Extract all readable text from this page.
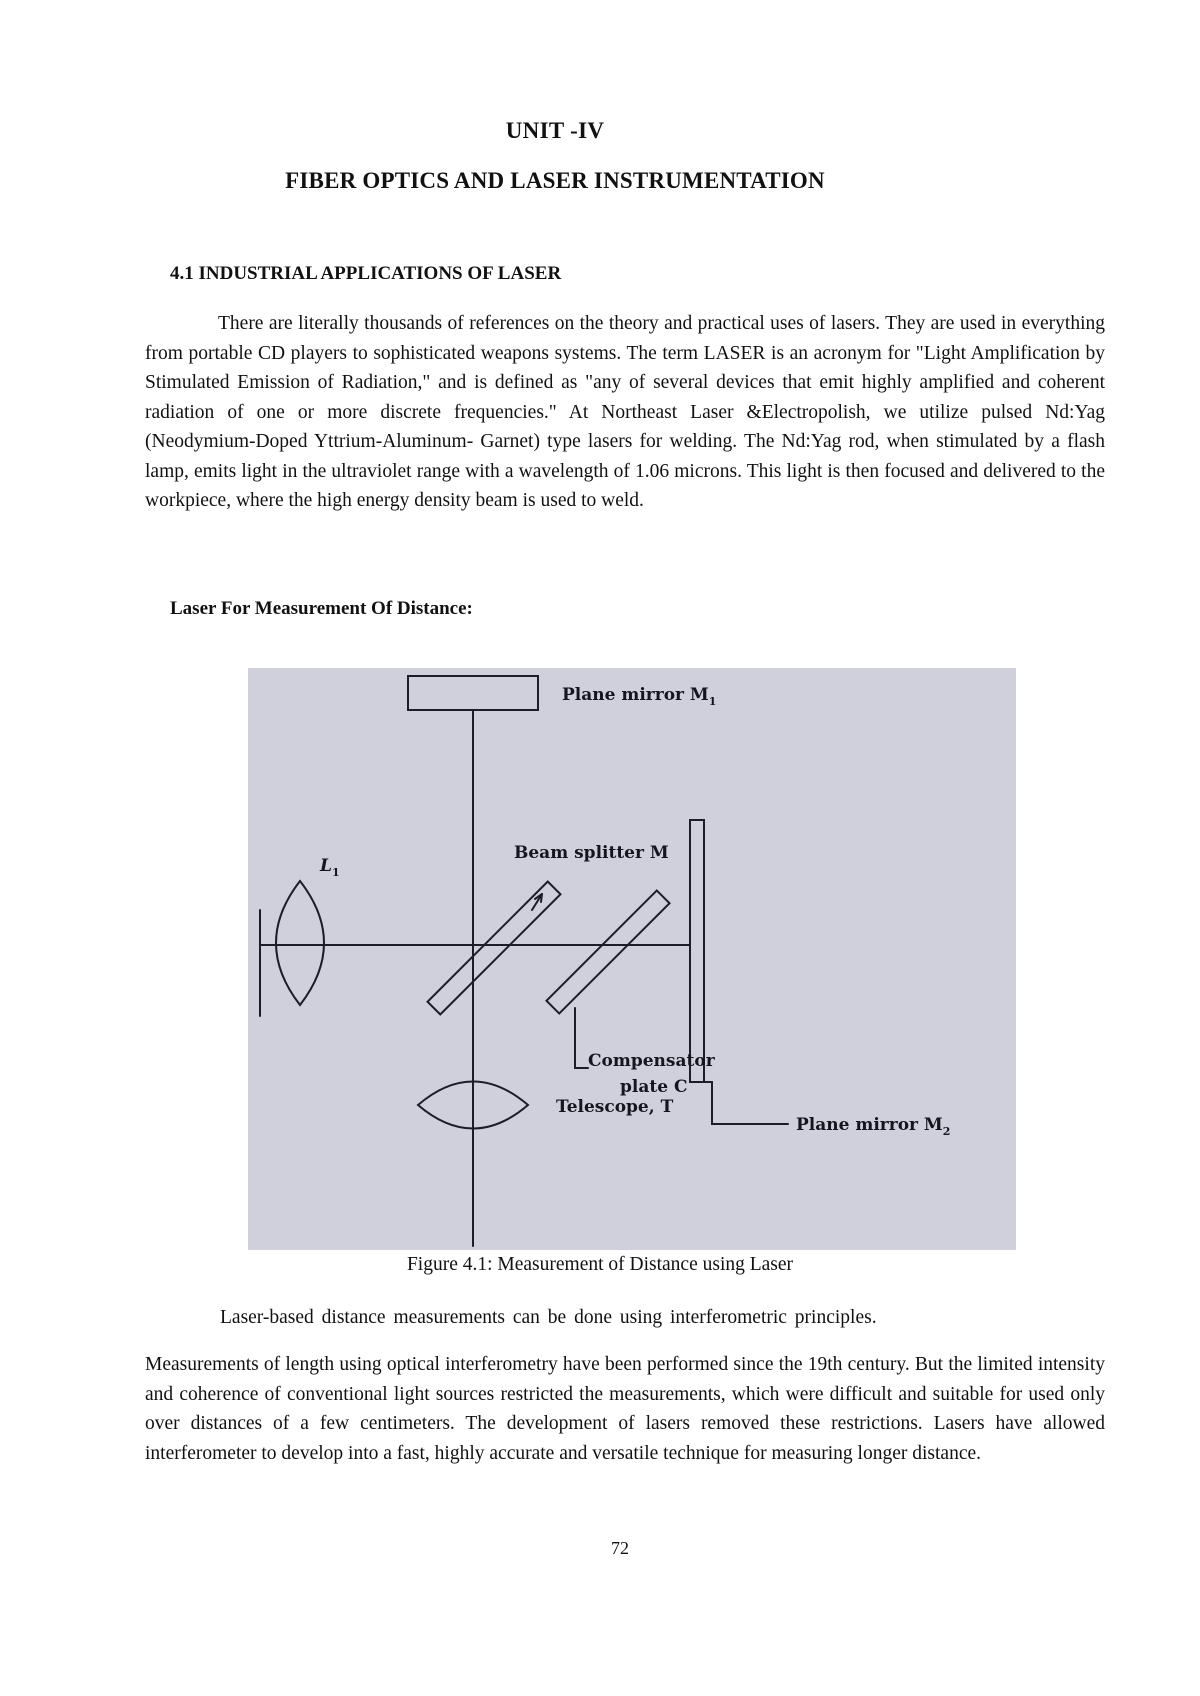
UNIT -IV
FIBER OPTICS AND LASER INSTRUMENTATION
4.1 INDUSTRIAL APPLICATIONS OF LASER

There are literally thousands of references on the theory and practical uses of lasers. They are used in everything from portable CD players to sophisticated weapons systems. The term LASER is an acronym for "Light Amplification by Stimulated Emission of Radiation," and is defined as "any of several devices that emit highly amplified and coherent radiation of one or more discrete frequencies." At Northeast Laser &Electropolish, we utilize pulsed Nd:Yag (Neodymium-Doped Yttrium-Aluminum- Garnet) type lasers for welding. The Nd:Yag rod, when stimulated by a flash lamp, emits light in the ultraviolet range with a wavelength of 1.06 microns. This light is then focused and delivered to the workpiece, where the high energy density beam is used to weld.

Laser For Measurement Of Distance:
Plane mirror $M_1$
Beam splitter M
$L_1$
Compensator
plate C
Telescope, T
Plane mirror $M_2$
Figure 4.1: Measurement of Distance using Laser

Laser-based distance measurements can be done using interferometric principles.

Measurements of length using optical interferometry have been performed since the 19th century. But the limited intensity and coherence of conventional light sources restricted the measurements, which were difficult and suitable for used only over distances of a few centimeters. The development of lasers removed these restrictions. Lasers have allowed interferometer to develop into a fast, highly accurate and versatile technique for measuring longer distance.

72
